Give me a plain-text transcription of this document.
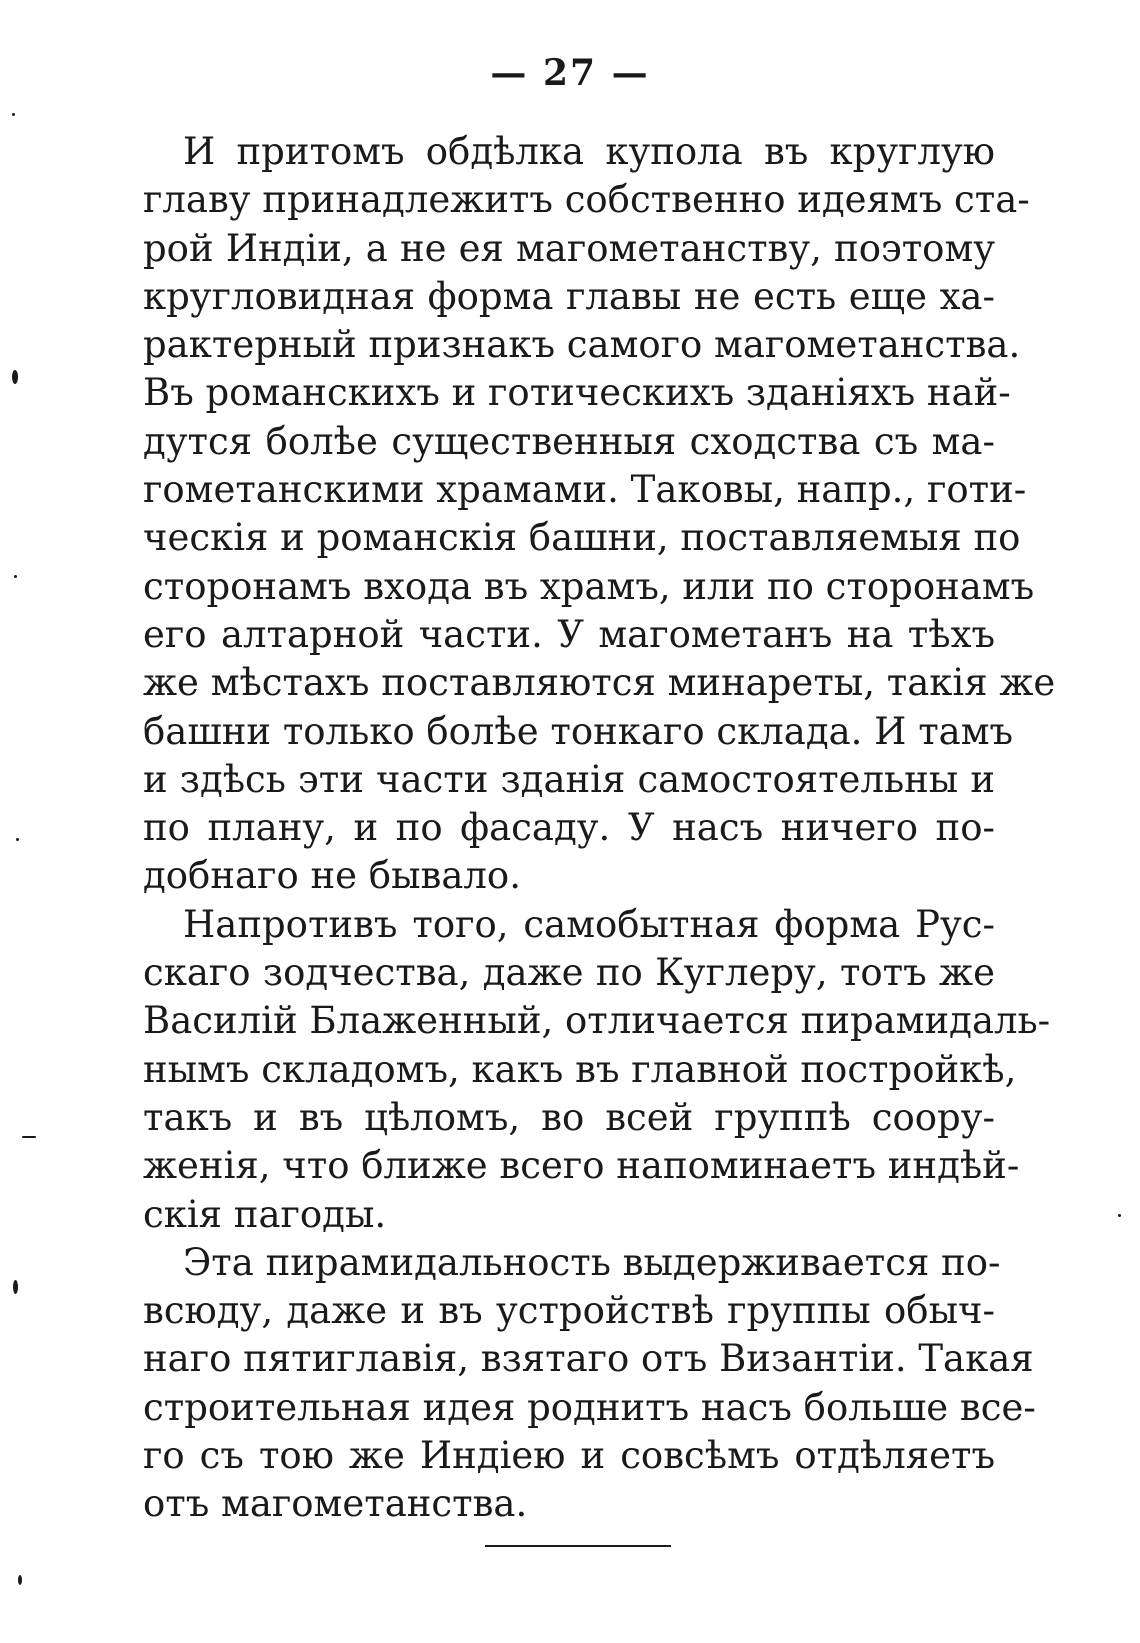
— 27 —
И притомъ обдѣлка купола въ круглую
главу принадлежитъ собственно идеямъ ста-
рой Индіи, а не ея магометанству, поэтому
кругловидная форма главы не есть еще ха-
рактерный признакъ самого магометанства.
Въ романскихъ и готическихъ зданіяхъ най-
дутся болѣе существенныя сходства съ ма-
гометанскими храмами. Таковы, напр., готи-
ческія и романскія башни, поставляемыя по
сторонамъ входа въ храмъ, или по сторонамъ
его алтарной части. У магометанъ на тѣхъ
же мѣстахъ поставляются минареты, такія же
башни только болѣе тонкаго склада. И тамъ
и здѣсь эти части зданія самостоятельны и
по плану, и по фасаду. У насъ ничего по-
добнаго не бывало.
Напротивъ того, самобытная форма Рус-
скаго зодчества, даже по Куглеру, тотъ же
Василій Блаженный, отличается пирамидаль-
нымъ складомъ, какъ въ главной постройкѣ,
такъ и въ цѣломъ, во всей группѣ соору-
женія, что ближе всего напоминаетъ индѣй-
скія пагоды.
Эта пирамидальность выдерживается по-
всюду, даже и въ устройствѣ группы обыч-
наго пятиглавія, взятаго отъ Византіи. Такая
строительная идея роднитъ насъ больше все-
го съ тою же Индіею и совсѣмъ отдѣляетъ
отъ магометанства.
